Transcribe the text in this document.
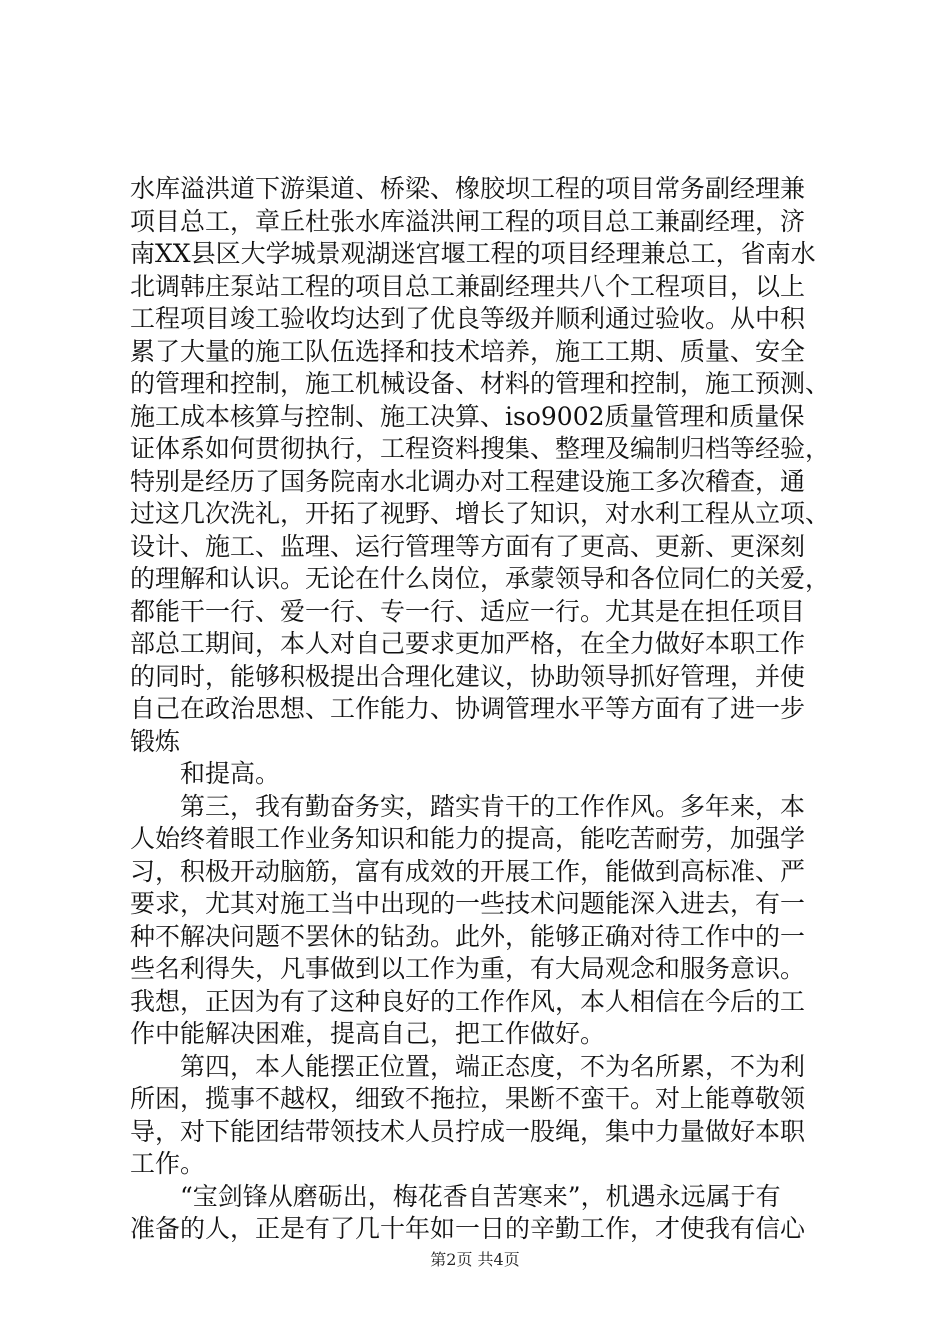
水库溢洪道下游渠道、桥梁、橡胶坝工程的项目常务副经理兼
项目总工，章丘杜张水库溢洪闸工程的项目总工兼副经理，济
南XX县区大学城景观湖迷宫堰工程的项目经理兼总工，省南水
北调韩庄泵站工程的项目总工兼副经理共八个工程项目，以上
工程项目竣工验收均达到了优良等级并顺利通过验收。从中积
累了大量的施工队伍选择和技术培养，施工工期、质量、安全
的管理和控制，施工机械设备、材料的管理和控制，施工预测、
施工成本核算与控制、施工决算、iso9002质量管理和质量保
证体系如何贯彻执行，工程资料搜集、整理及编制归档等经验，
特别是经历了国务院南水北调办对工程建设施工多次稽查，通
过这几次洗礼，开拓了视野、增长了知识，对水利工程从立项、
设计、施工、监理、运行管理等方面有了更高、更新、更深刻
的理解和认识。无论在什么岗位，承蒙领导和各位同仁的关爱，
都能干一行、爱一行、专一行、适应一行。尤其是在担任项目
部总工期间，本人对自己要求更加严格，在全力做好本职工作
的同时，能够积极提出合理化建议，协助领导抓好管理，并使
自己在政治思想、工作能力、协调管理水平等方面有了进一步
锻炼
　　和提高。
　　第三，我有勤奋务实，踏实肯干的工作作风。多年来，本
人始终着眼工作业务知识和能力的提高，能吃苦耐劳，加强学
习，积极开动脑筋，富有成效的开展工作，能做到高标准、严
要求，尤其对施工当中出现的一些技术问题能深入进去，有一
种不解决问题不罢休的钻劲。此外，能够正确对待工作中的一
些名利得失，凡事做到以工作为重，有大局观念和服务意识。
我想，正因为有了这种良好的工作作风，本人相信在今后的工
作中能解决困难，提高自己，把工作做好。
　　第四，本人能摆正位置，端正态度，不为名所累，不为利
所困，揽事不越权，细致不拖拉，果断不蛮干。对上能尊敬领
导，对下能团结带领技术人员拧成一股绳，集中力量做好本职
工作。
　　“宝剑锋从磨砺出，梅花香自苦寒来”，机遇永远属于有
准备的人，正是有了几十年如一日的辛勤工作，才使我有信心
第2页 共4页
